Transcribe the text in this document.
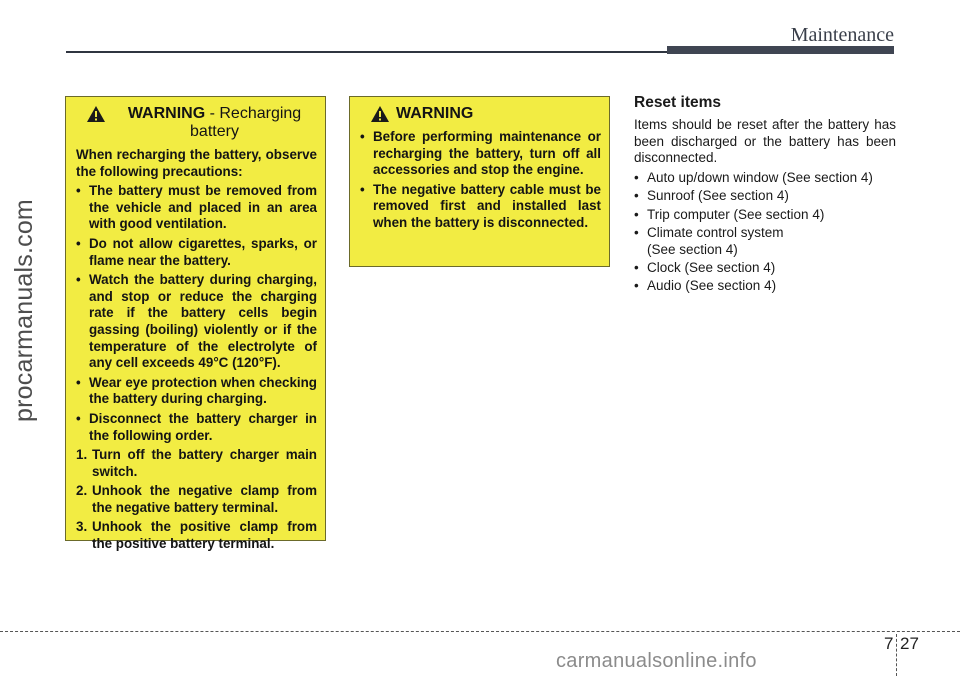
Maintenance
procarmanuals.com
WARNING - Recharging
battery

When recharging the battery, observe the following precautions:

• The battery must be removed from the vehicle and placed in an area with good ventilation.
• Do not allow cigarettes, sparks, or flame near the battery.
• Watch the battery during charging, and stop or reduce the charging rate if the battery cells begin gassing (boiling) violently or if the temperature of the electrolyte of any cell exceeds 49°C (120°F).
• Wear eye protection when checking the battery during charging.
• Disconnect the battery charger in the following order.
1. Turn off the battery charger main switch.
2. Unhook the negative clamp from the negative battery terminal.
3. Unhook the positive clamp from the positive battery terminal.
WARNING
• Before performing maintenance or recharging the battery, turn off all accessories and stop the engine.
• The negative battery cable must be removed first and installed last when the battery is disconnected.
Reset items

Items should be reset after the battery has been discharged or the battery has been disconnected.

• Auto up/down window (See section 4)
• Sunroof (See section 4)
• Trip computer (See section 4)
• Climate control system
(See section 4)
• Clock (See section 4)
• Audio (See section 4)
7 27
carmanualsonline.info
